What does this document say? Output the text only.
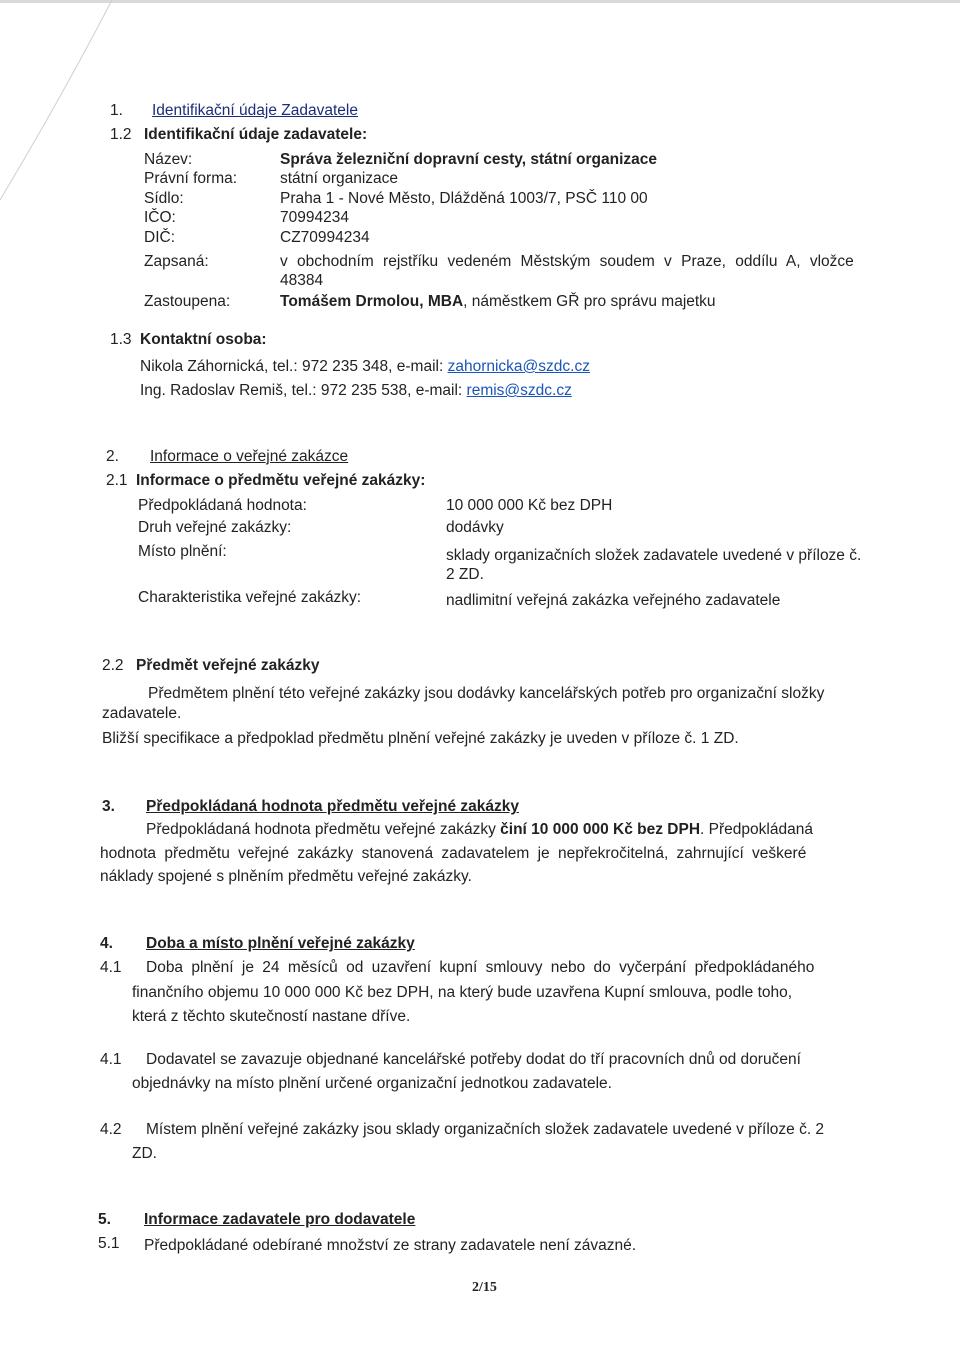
1. Identifikační údaje Zadavatele
1.2 Identifikační údaje zadavatele:
Název:	Správa železniční dopravní cesty, státní organizace
Právní forma:	státní organizace
Sídlo:	Praha 1 - Nové Město, Dlážděná 1003/7, PSČ 110 00
IČO:	70994234
DIČ:	CZ70994234
Zapsaná:	v obchodním rejstříku vedeném Městským soudem v Praze, oddílu A, vložce
48384
Zastoupena:	Tomášem Drmolou, MBA, náměstkem GŘ pro správu majetku
1.3 Kontaktní osoba:
Nikola Záhornická, tel.: 972 235 348, e-mail: zahornicka@szdc.cz
Ing. Radoslav Remiš, tel.: 972 235 538, e-mail: remis@szdc.cz
2. Informace o veřejné zakázce
2.1 Informace o předmětu veřejné zakázky:
Předpokládaná hodnota:	10 000 000 Kč bez DPH
Druh veřejné zakázky:	dodávky
Místo plnění:	sklady organizačních složek zadavatele uvedené v příloze č.
2 ZD.
Charakteristika veřejné zakázky:	nadlimitní veřejná zakázka veřejného zadavatele
2.2 Předmět veřejné zakázky
Předmětem plnění této veřejné zakázky jsou dodávky kancelářských potřeb pro organizační složky
zadavatele.
Bližší specifikace a předpoklad předmětu plnění veřejné zakázky je uveden v příloze č. 1 ZD.
3. Předpokládaná hodnota předmětu veřejné zakázky
Předpokládaná hodnota předmětu veřejné zakázky činí 10 000 000 Kč bez DPH. Předpokládaná
hodnota předmětu veřejné zakázky stanovená zadavatelem je nepřekročitelná, zahrnující veškeré
náklady spojené s plněním předmětu veřejné zakázky.
4. Doba a místo plnění veřejné zakázky
4.1 Doba plnění je 24 měsíců od uzavření kupní smlouvy nebo do vyčerpání předpokládaného
finančního objemu 10 000 000 Kč bez DPH, na který bude uzavřena Kupní smlouva, podle toho,
která z těchto skutečností nastane dříve.
4.1 Dodavatel se zavazuje objednané kancelářské potřeby dodat do tří pracovních dnů od doručení
objednávky na místo plnění určené organizační jednotkou zadavatele.
4.2 Místem plnění veřejné zakázky jsou sklady organizačních složek zadavatele uvedené v příloze č. 2
ZD.
5. Informace zadavatele pro dodavatele
5.1 Předpokládané odebírané množství ze strany zadavatele není závazné.
2/15
